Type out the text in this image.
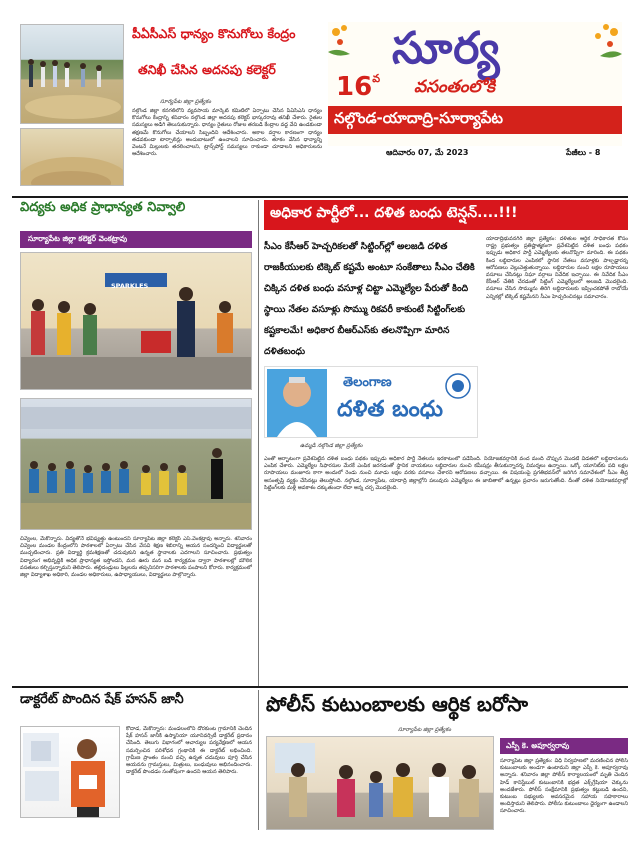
పీఏసీఎస్ ధాన్యం కొనుగోలు కేంద్రం
తనిఖీ చేసిన అదనపు కలెక్టర్
సూర్యపేట జిల్లా ప్రత్యేకం
నల్గొండ జిల్లా కనగల్‌లోని వ్యవసాయ మార్కెట్ కమిటీలో ఏర్పాటు చేసిన పీఏసీఎస్ ధాన్యం కొనుగోలు కేంద్రాన్ని శనివారం నల్గొండ జిల్లా అదనపు కలెక్టర్ భాస్కరరావు తనిఖీ చేశారు. రైతుల సమస్యలు అడిగి తెలుసుకున్నారు. ధాన్యం రైతులు రోజుల తరబడి కేంద్రాల వద్ద వేచి ఉండకుండా తక్షణమే కొనుగోలు చేయాలని సిబ్బందిని ఆదేశించారు. అకాల వర్షాల కారణంగా ధాన్యం తడవకుండా టార్పాలిన్లు అందుబాటులో ఉంచాలని సూచించారు. తూకం వేసిన ధాన్యాన్ని వెంటనే మిల్లులకు తరలించాలని, ట్రాన్స్‌పోర్ట్ సమస్యలు రాకుండా చూడాలని అధికారులను ఆదేశించారు.
సూర్య
$16^వ$ వసంతంలోకి
నల్గొండ-యాదాద్రి-సూర్యాపేట
ఆదివారం 07, మే 2023	పేజీలు - 8
విద్యకు అధిక ప్రాధాన్యత నివ్వాలి
సూర్యాపేట జిల్లా కలెక్టర్ వెంకట్రావు
SPARKLES
చివ్వెంల, మేకొన్నారు. విద్యతోనే భవిష్యత్తు ఉంటుందని సూర్యాపేట జిల్లా కలెక్టర్ ఎస్.వెంకట్రావు అన్నారు. శనివారం చివ్వెంల మండల కేంద్రంలోని పాఠశాలలో ఏర్పాటు చేసిన వేసవి శిక్షణ శిబిరాన్ని ఆయన సందర్శించి విద్యార్థులతో ముచ్చటించారు. ప్రతి విద్యార్థి క్రమశిక్షణతో చదువుకుని ఉన్నత స్థానాలకు ఎదగాలని సూచించారు. ప్రభుత్వం విద్యారంగ అభివృద్ధికి అధిక ప్రాధాన్యత ఇస్తోందని, మన ఊరు మన బడి కార్యక్రమం ద్వారా పాఠశాలల్లో మౌలిక వసతులు కల్పిస్తున్నామని తెలిపారు. తల్లిదండ్రులు పిల్లలను తప్పనిసరిగా పాఠశాలకు పంపాలని కోరారు. కార్యక్రమంలో జిల్లా విద్యాశాఖ అధికారి, మండల అధికారులు, ఉపాధ్యాయులు, విద్యార్థులు పాల్గొన్నారు.
అధికార పార్టీలో... దళిత బంధు టెన్షన్....!!!
సీఎం కేసీఆర్ హెచ్చరికలతో సిట్టింగ్‌ల్లో అలజడి దళిత రాజకీయులకు టిక్కెట్ కష్టమే అంటూ సంకేతాలు సీఎం చేతికి చిక్కిన దళిత బంధు వసూళ్ల చిట్టా ఎమ్మెల్యేల పేరుతో కింది స్థాయి నేతల వసూళ్లు సొమ్ము రికవరీ కాకుంటే సిట్టింగ్‌లకు కష్టకాలమే! అధికార బీఆర్ఎస్‌కు తలనొప్పిగా మారిన దళితబంధు
యాదాద్రిభువనగిరి జిల్లా ప్రత్యేకం: దళితుల ఆర్థిక సాధికారత కోసం రాష్ట్ర ప్రభుత్వం ప్రతిష్టాత్మకంగా ప్రవేశపెట్టిన దళిత బంధు పథకం ఇప్పుడు అధికార పార్టీ ఎమ్మెల్యేలకు తలనొప్పిగా మారింది. ఈ పథకం కింద లబ్ధిదారుల ఎంపికలో స్థానిక నేతలు వసూళ్లకు పాల్పడ్డారన్న ఆరోపణలు వెల్లువెత్తుతున్నాయి. లబ్ధిదారుల నుంచి లక్షల రూపాయలు వసూలు చేసినట్లు నిఘా వర్గాలు నివేదిక ఇచ్చాయి. ఈ నివేదిక సీఎం కేసీఆర్ చేతికి చేరడంతో సిట్టింగ్ ఎమ్మెల్యేలలో అలజడి మొదలైంది. వసూలు చేసిన సొమ్మును తిరిగి లబ్ధిదారులకు ఇప్పించకపోతే రాబోయే ఎన్నికల్లో టిక్కెట్ కష్టమేనని సీఎం హెచ్చరించినట్లు సమాచారం.
తెలంగాణ
దళిత బంధు
ఉమ్మడి నల్గొండ జిల్లా ప్రత్యేకం
ఎంతో ఆర్భాటంగా ప్రవేశపెట్టిన దళిత బంధు పథకం ఇప్పుడు అధికార పార్టీ నేతలను ఇరకాటంలో పడేసింది. నియోజకవర్గానికి వంద మంది చొప్పున మొదటి విడతలో లబ్ధిదారులను ఎంపిక చేశారు. ఎమ్మెల్యేల సిఫారసుల మేరకే ఎంపిక జరగడంతో స్థానిక నాయకులు లబ్ధిదారుల నుంచి కమీషన్లు తీసుకున్నారన్న విమర్శలు ఉన్నాయి. ఒక్కో యూనిట్‌కు పది లక్షల రూపాయలు మంజూరు కాగా అందులో రెండు నుంచి మూడు లక్షల వరకు వసూలు చేశారని ఆరోపణలు వచ్చాయి. ఈ విషయంపై ప్రగతిభవన్‌లో జరిగిన సమావేశంలో సీఎం తీవ్ర అసంతృప్తి వ్యక్తం చేసినట్లు తెలుస్తోంది. నల్గొండ, సూర్యాపేట, యాదాద్రి జిల్లాల్లోని పలువురు ఎమ్మెల్యేలు ఈ జాబితాలో ఉన్నట్లు ప్రచారం జరుగుతోంది. దీంతో దళిత నియోజకవర్గాల్లో సిట్టింగ్‌లకు మళ్లీ అవకాశం దక్కుతుందా లేదా అన్న చర్చ మొదలైంది.
డాక్టరేట్ పొందిన షేక్ హసన్ జానీ
కోదాడ, మేకొన్నారు: మండలంలోని దోరకుంట గ్రామానికి చెందిన షేక్ హసన్ జానీకి ఉస్మానియా యూనివర్సిటీ డాక్టరేట్ ప్రదానం చేసింది. తెలుగు విభాగంలో ఆచార్యుల పర్యవేక్షణలో ఆయన సమర్పించిన పరిశోధన గ్రంథానికి ఈ డాక్టరేట్ లభించింది. గ్రామీణ ప్రాంతం నుంచి వచ్చి ఉన్నత చదువులు పూర్తి చేసిన ఆయనను గ్రామస్తులు, మిత్రులు, బంధువులు అభినందించారు. డాక్టరేట్ పొందడం సంతోషంగా ఉందని ఆయన తెలిపారు.
పోలీస్ కుటుంబాలకు ఆర్థిక బరోసా
సూర్యాపేట జిల్లా ప్రత్యేకం
ఎస్పీ కె. అపూర్వరావు
సూర్యాపేట జిల్లా ప్రత్యేకం: విధి నిర్వహణలో మరణించిన పోలీస్ కుటుంబాలకు అండగా ఉంటామని జిల్లా ఎస్పీ కె. అపూర్వరావు అన్నారు. శనివారం జిల్లా పోలీస్ కార్యాలయంలో మృతి చెందిన హెడ్ కానిస్టేబుల్ కుటుంబానికి భద్రత ఎక్స్‌గ్రేషియా చెక్కును అందజేశారు. పోలీస్ సంక్షేమానికి ప్రభుత్వం కట్టుబడి ఉందని, కుటుంబ సభ్యులకు అవసరమైన సహాయ సహకారాలు అందిస్తామని తెలిపారు. పోలీసు కుటుంబాలు ధైర్యంగా ఉండాలని సూచించారు.
